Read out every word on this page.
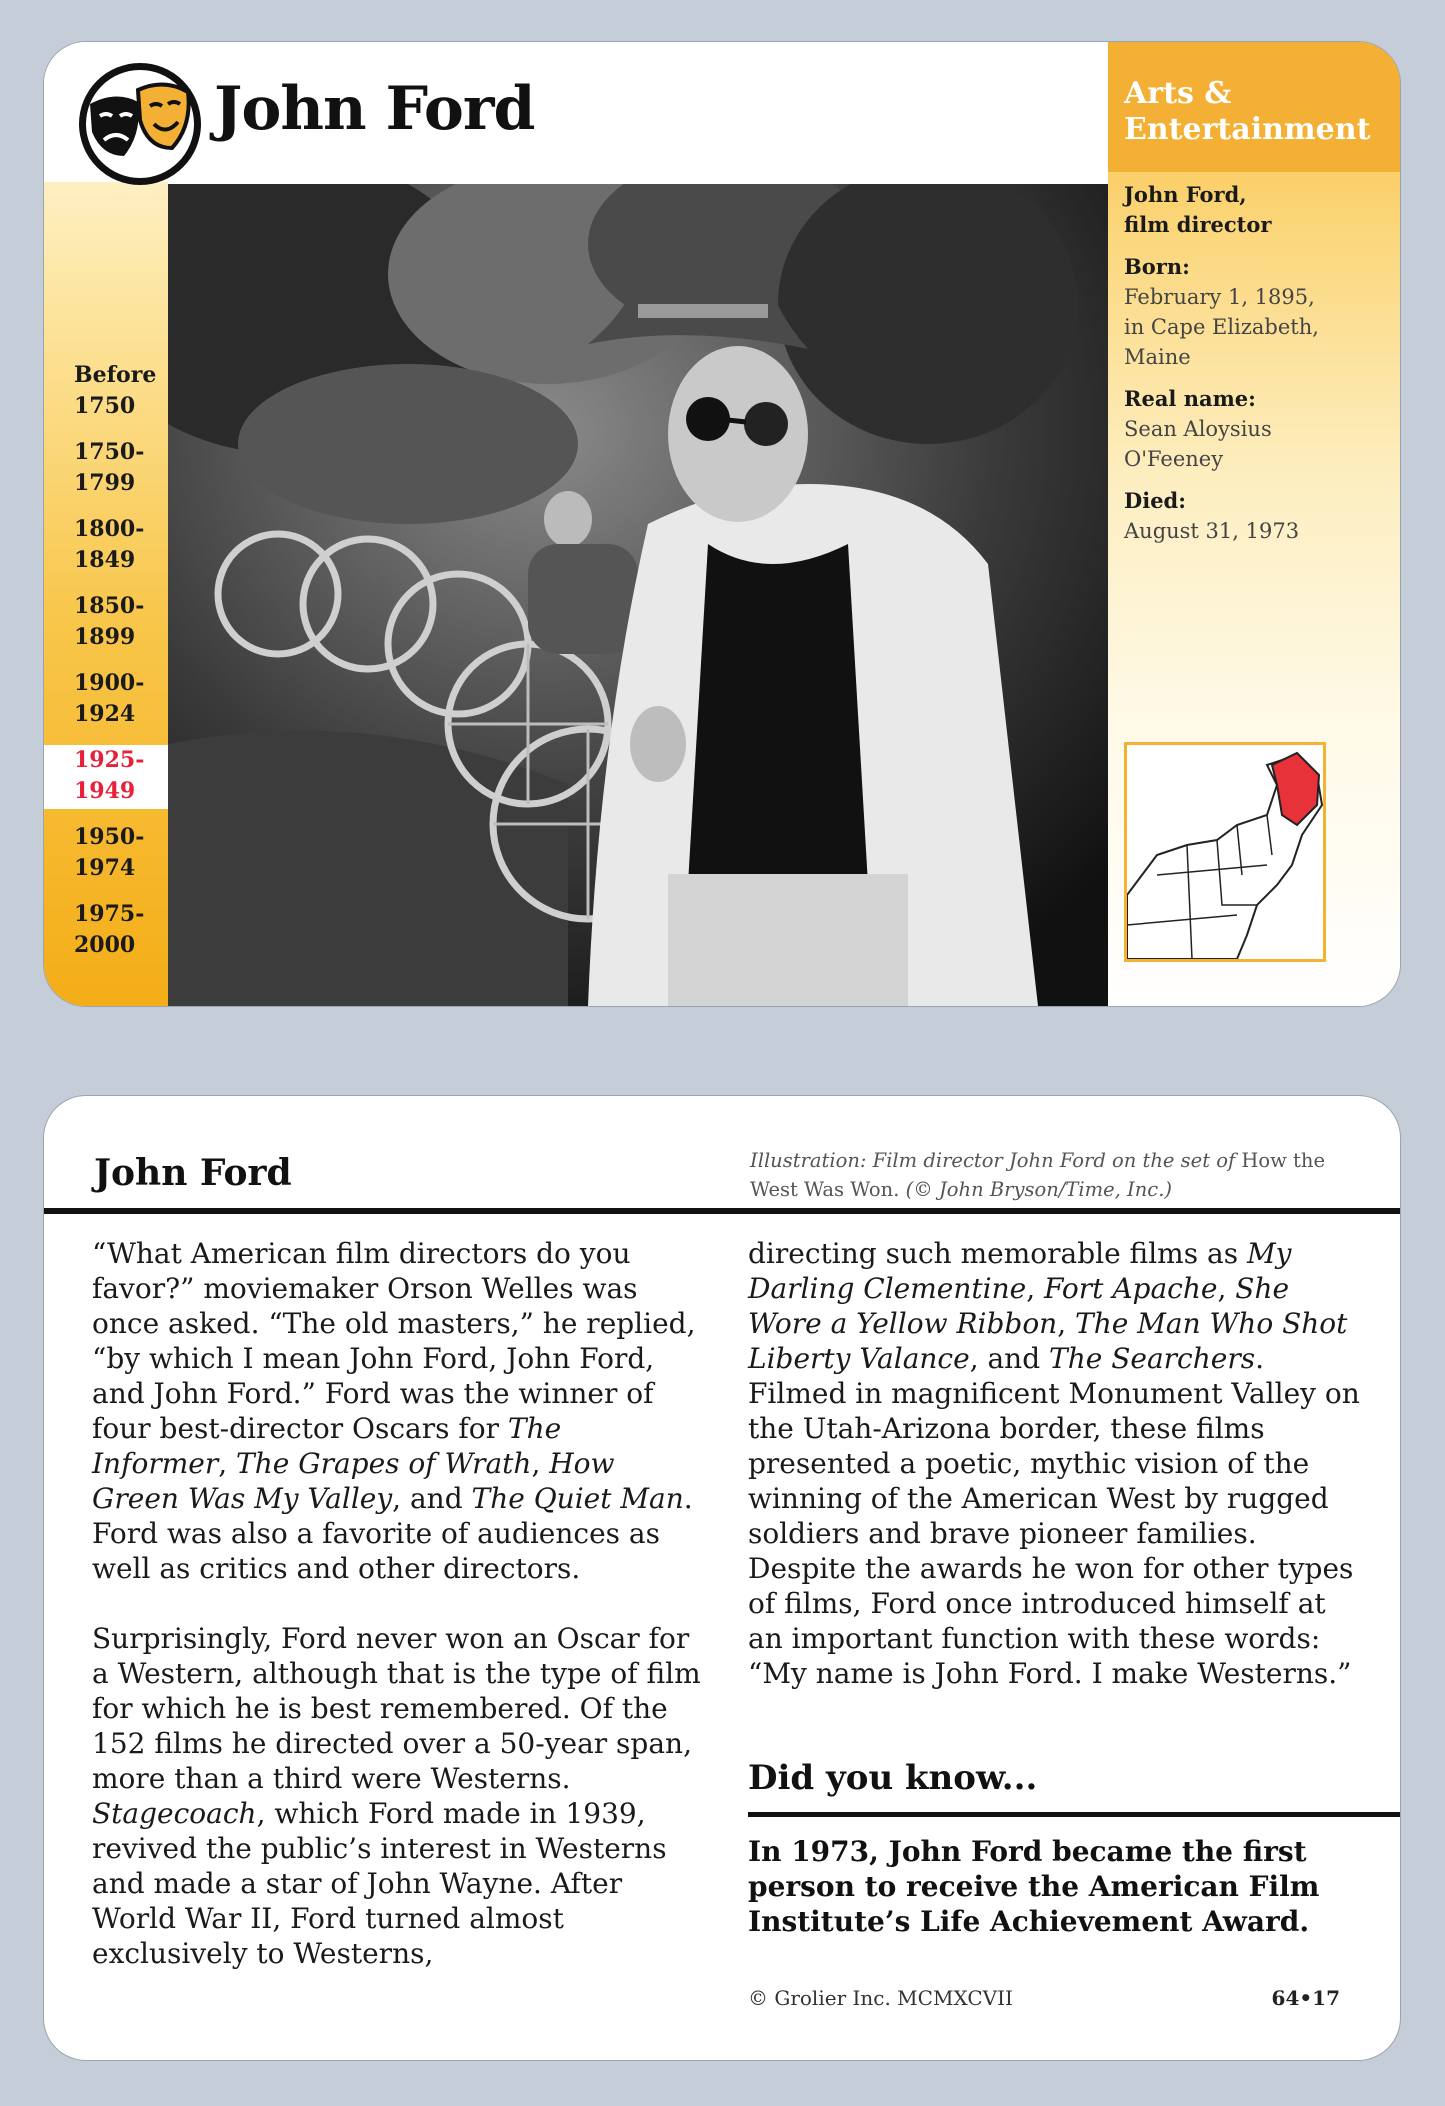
John Ford
Before
1750
1750-
1799
1800-
1849
1850-
1899
1900-
1924
1925-
1949
1950-
1974
1975-
2000
Arts &
Entertainment
John Ford,
film director
Born:
February 1, 1895,
in Cape Elizabeth,
Maine
Real name:
Sean Aloysius
O'Feeney
Died:
August 31, 1973
John Ford	Illustration: Film director John Ford on the set of How the West Was Won. (© John Bryson/Time, Inc.)

“What American film directors do you favor?” moviemaker Orson Welles was once asked. “The old masters,” he replied, “by which I mean John Ford, John Ford, and John Ford.” Ford was the winner of four best-director Oscars for The Informer, The Grapes of Wrath, How Green Was My Valley, and The Quiet Man. Ford was also a favorite of audiences as well as critics and other directors.

Surprisingly, Ford never won an Oscar for a Western, although that is the type of film for which he is best remembered. Of the 152 films he directed over a 50-year span, more than a third were Westerns. Stagecoach, which Ford made in 1939, revived the public’s interest in Westerns and made a star of John Wayne. After World War II, Ford turned almost exclusively to Westerns,

directing such memorable films as My Darling Clementine, Fort Apache, She Wore a Yellow Ribbon, The Man Who Shot Liberty Valance, and The Searchers. Filmed in magnificent Monument Valley on the Utah-Arizona border, these films presented a poetic, mythic vision of the winning of the American West by rugged soldiers and brave pioneer families. Despite the awards he won for other types of films, Ford once introduced himself at an important function with these words: “My name is John Ford. I make Westerns.”

Did you know...
In 1973, John Ford became the first person to receive the American Film Institute’s Life Achievement Award.
© Grolier Inc. MCMXCVII	64•17
